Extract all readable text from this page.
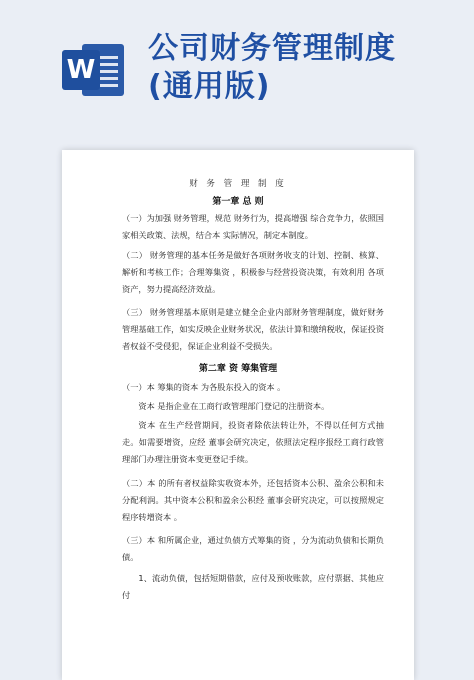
W
公司财务管理制度
(通用版)
财 务 管 理 制 度
第一章 总 则
（一）为加强 财务管理，规范 财务行为，提高增强 综合竞争力，依照国家相关政策、法规，结合本 实际情况，制定本制度。
（二） 财务管理的基本任务是做好各项财务收支的计划、控制、核算、解析和考核工作；合理筹集资 ，积极参与经营投资决策，有效利用 各项资产，努力提高经济效益。
（三） 财务管理基本原则是建立健全企业内部财务管理制度，做好财务管理基础工作，如实反映企业财务状况，依法计算和缴纳税收，保证投资者权益不受侵犯，保证企业利益不受损失。
第二章 资 筹集管理
（一）本 筹集的资本 为各股东投入的资本 。
资本 是指企业在工商行政管理部门登记的注册资本。
资本 在生产经营期间，投资者除依法转让外，不得以任何方式抽走。如需要增资，应经 董事会研究决定，依照法定程序报经工商行政管理部门办理注册资本变更登记手续。
（二）本 的所有者权益除实收资本外，还包括资本公积、盈余公积和未分配利润。其中资本公积和盈余公积经 董事会研究决定，可以按照规定程序转增资本 。
（三）本 和所属企业，通过负债方式筹集的资 ，分为流动负债和长期负债。
1、流动负债，包括短期借款，应付及预收账款，应付票据、其他应付
